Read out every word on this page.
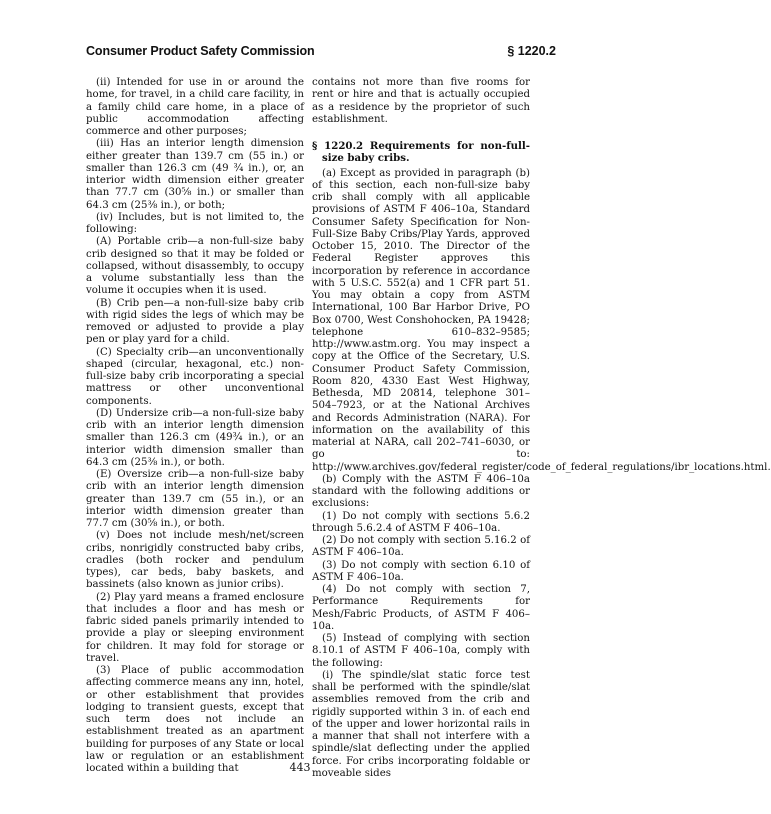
Consumer Product Safety Commission	§ 1220.2

(ii) Intended for use in or around the home, for travel, in a child care facility, in a family child care home, in a place of public accommodation affecting commerce and other purposes;

(iii) Has an interior length dimension either greater than 139.7 cm (55 in.) or smaller than 126.3 cm (49 ¾ in.), or, an interior width dimension either greater than 77.7 cm (30⅝ in.) or smaller than 64.3 cm (25⅜ in.), or both;

(iv) Includes, but is not limited to, the following:

(A) Portable crib—a non-full-size baby crib designed so that it may be folded or collapsed, without disassembly, to occupy a volume substantially less than the volume it occupies when it is used.

(B) Crib pen—a non-full-size baby crib with rigid sides the legs of which may be removed or adjusted to provide a play pen or play yard for a child.

(C) Specialty crib—an unconventionally shaped (circular, hexagonal, etc.) non-full-size baby crib incorporating a special mattress or other unconventional components.

(D) Undersize crib—a non-full-size baby crib with an interior length dimension smaller than 126.3 cm (49¾ in.), or an interior width dimension smaller than 64.3 cm (25⅜ in.), or both.

(E) Oversize crib—a non-full-size baby crib with an interior length dimension greater than 139.7 cm (55 in.), or an interior width dimension greater than 77.7 cm (30⅝ in.), or both.

(v) Does not include mesh/net/screen cribs, nonrigidly constructed baby cribs, cradles (both rocker and pendulum types), car beds, baby baskets, and bassinets (also known as junior cribs).

(2) Play yard means a framed enclosure that includes a floor and has mesh or fabric sided panels primarily intended to provide a play or sleeping environment for children. It may fold for storage or travel.

(3) Place of public accommodation affecting commerce means any inn, hotel, or other establishment that provides lodging to transient guests, except that such term does not include an establishment treated as an apartment building for purposes of any State or local law or regulation or an establishment located within a building that

contains not more than five rooms for rent or hire and that is actually occupied as a residence by the proprietor of such establishment.

§ 1220.2 Requirements for non-full-size baby cribs.

(a) Except as provided in paragraph (b) of this section, each non-full-size baby crib shall comply with all applicable provisions of ASTM F 406–10a, Standard Consumer Safety Specification for Non-Full-Size Baby Cribs/Play Yards, approved October 15, 2010. The Director of the Federal Register approves this incorporation by reference in accordance with 5 U.S.C. 552(a) and 1 CFR part 51. You may obtain a copy from ASTM International, 100 Bar Harbor Drive, PO Box 0700, West Conshohocken, PA 19428; telephone 610–832–9585; http://www.astm.org. You may inspect a copy at the Office of the Secretary, U.S. Consumer Product Safety Commission, Room 820, 4330 East West Highway, Bethesda, MD 20814, telephone 301–504–7923, or at the National Archives and Records Administration (NARA). For information on the availability of this material at NARA, call 202–741–6030, or go to: http://www.archives.gov/federal_register/code_of_federal_regulations/ibr_locations.html.

(b) Comply with the ASTM F 406–10a standard with the following additions or exclusions:

(1) Do not comply with sections 5.6.2 through 5.6.2.4 of ASTM F 406–10a.

(2) Do not comply with section 5.16.2 of ASTM F 406–10a.

(3) Do not comply with section 6.10 of ASTM F 406–10a.

(4) Do not comply with section 7, Performance Requirements for Mesh/Fabric Products, of ASTM F 406–10a.

(5) Instead of complying with section 8.10.1 of ASTM F 406–10a, comply with the following:

(i) The spindle/slat static force test shall be performed with the spindle/slat assemblies removed from the crib and rigidly supported within 3 in. of each end of the upper and lower horizontal rails in a manner that shall not interfere with a spindle/slat deflecting under the applied force. For cribs incorporating foldable or moveable sides

443
